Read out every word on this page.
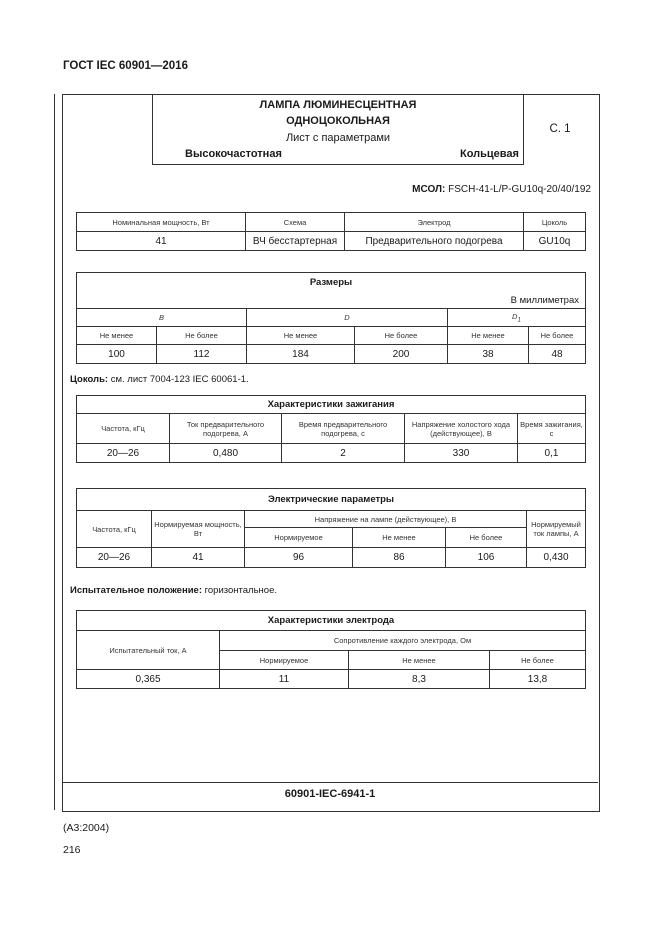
ГОСТ IEC 60901—2016
ЛАМПА ЛЮМИНЕСЦЕНТНАЯ
ОДНОЦОКОЛЬНАЯ
Лист с параметрами
Высокочастотная	Кольцевая
С. 1
МСОЛ: FSCH-41-L/P-GU10q-20/40/192
Номинальная мощность, Вт	Схема	Электрод	Цоколь
41	ВЧ бесстартерная	Предварительного подогрева	GU10q
Размеры					
В миллиметрах					
B		D		$D_1$
Не менее	Не более	Не менее	Не более	Не менее	Не более
100	112	184	200	38	48
Цоколь: см. лист 7004-123 IEC 60061-1.
Характеристики зажигания				
Частота, кГц	Ток предварительного подогрева, А	Время предварительного подогрева, с	Напряжение холостого хода (действующее), В	Время зажигания, с
20—26	0,480	2	330	0,1
Электрические параметры					
Частота, кГц	Нормируемая мощность, Вт	Напряжение на лампе (действующее), В			Нормируемый ток лампы, А
		Нормируемое	Не менее	Не более	
20—26	41	96	86	106	0,430
Испытательное положение: горизонтальное.
Характеристики электрода			
Испытательный ток, А	Сопротивление каждого электрода, Ом		
	Нормируемое	Не менее	Не более
0,365	11	8,3	13,8
60901-IEC-6941-1
(А3:2004)
216
